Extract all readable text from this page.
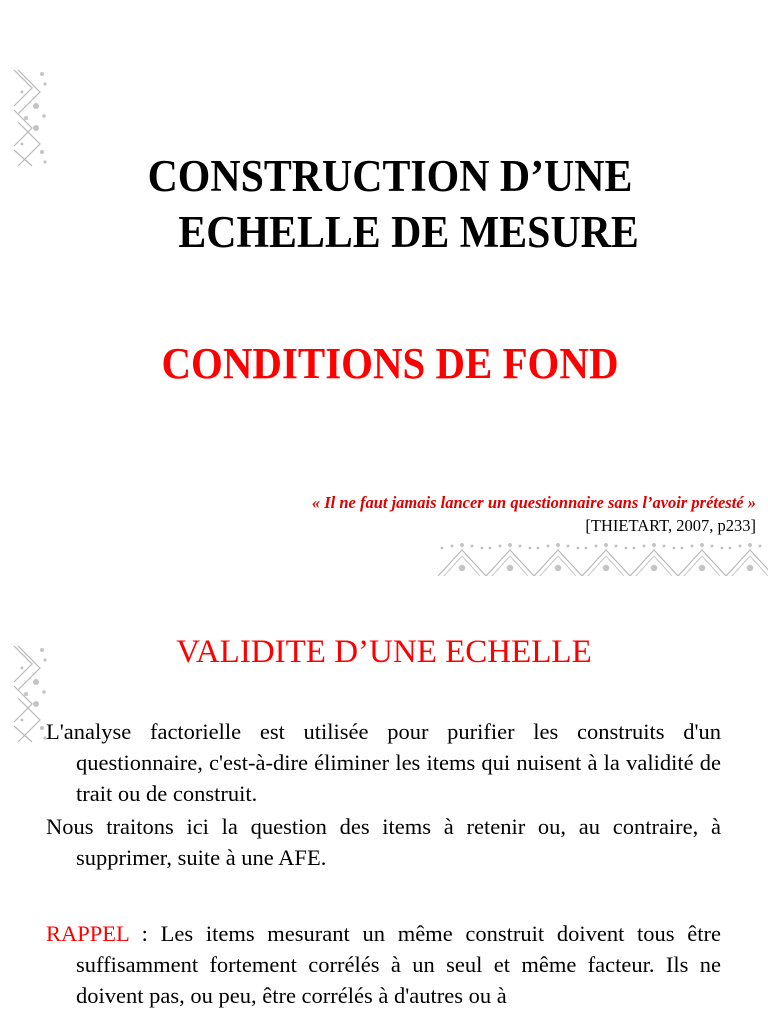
CONSTRUCTION D’UNE

ECHELLE DE MESURE
CONDITIONS DE FOND
« Il ne faut jamais lancer un questionnaire sans l’avoir prétesté »
[THIETART, 2007, p233]
VALIDITE D’UNE ECHELLE

L'analyse factorielle est utilisée pour purifier les construits d'un questionnaire, c'est-à-dire éliminer les items qui nuisent à la validité de trait ou de construit.

Nous traitons ici la question des items à retenir ou, au contraire, à supprimer, suite à une AFE.

RAPPEL : Les items mesurant un même construit doivent tous être suffisamment fortement corrélés à un seul et même facteur. Ils ne doivent pas, ou peu, être corrélés à d'autres ou à
